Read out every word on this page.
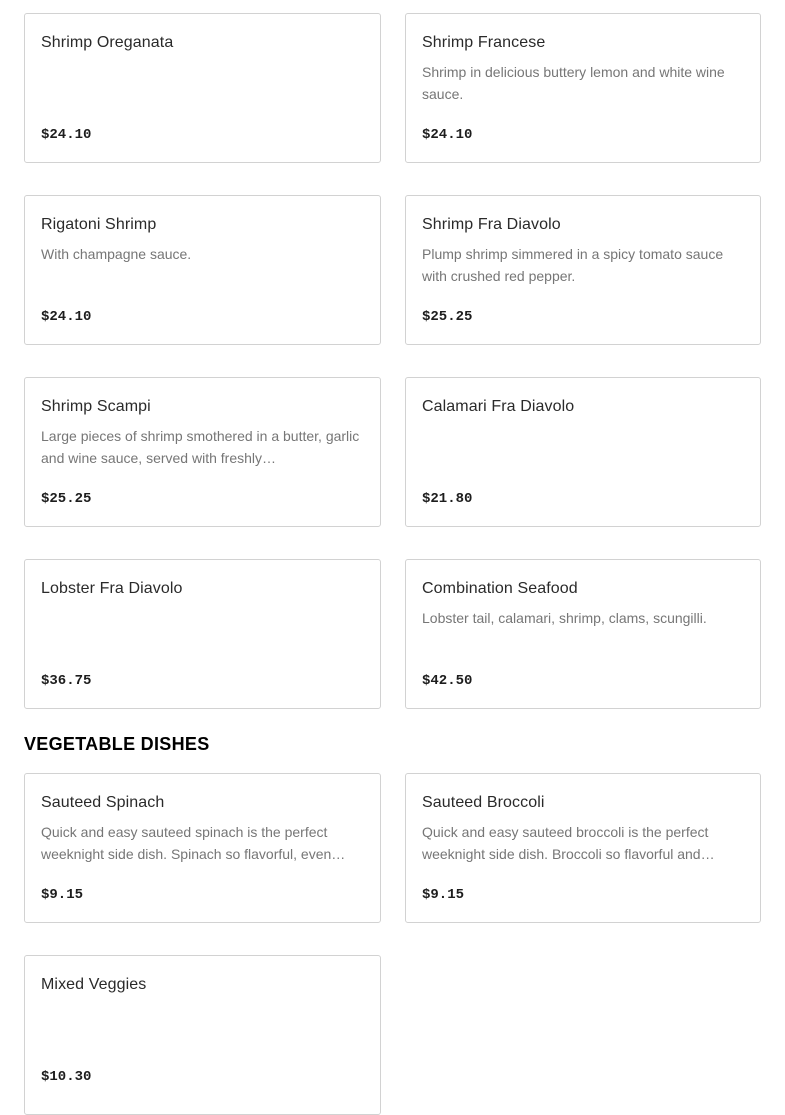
Shrimp Oreganata
$24.10
Shrimp Francese
Shrimp in delicious buttery lemon and white wine sauce.
$24.10
Rigatoni Shrimp
With champagne sauce.
$24.10
Shrimp Fra Diavolo
Plump shrimp simmered in a spicy tomato sauce with crushed red pepper.
$25.25
Shrimp Scampi
Large pieces of shrimp smothered in a butter, garlic and wine sauce, served with freshly…
$25.25
Calamari Fra Diavolo
$21.80
Lobster Fra Diavolo
$36.75
Combination Seafood
Lobster tail, calamari, shrimp, clams, scungilli.
$42.50
VEGETABLE DISHES
Sauteed Spinach
Quick and easy sauteed spinach is the perfect weeknight side dish. Spinach so flavorful, even…
$9.15
Sauteed Broccoli
Quick and easy sauteed broccoli is the perfect weeknight side dish. Broccoli so flavorful and…
$9.15
Mixed Veggies
$10.30
